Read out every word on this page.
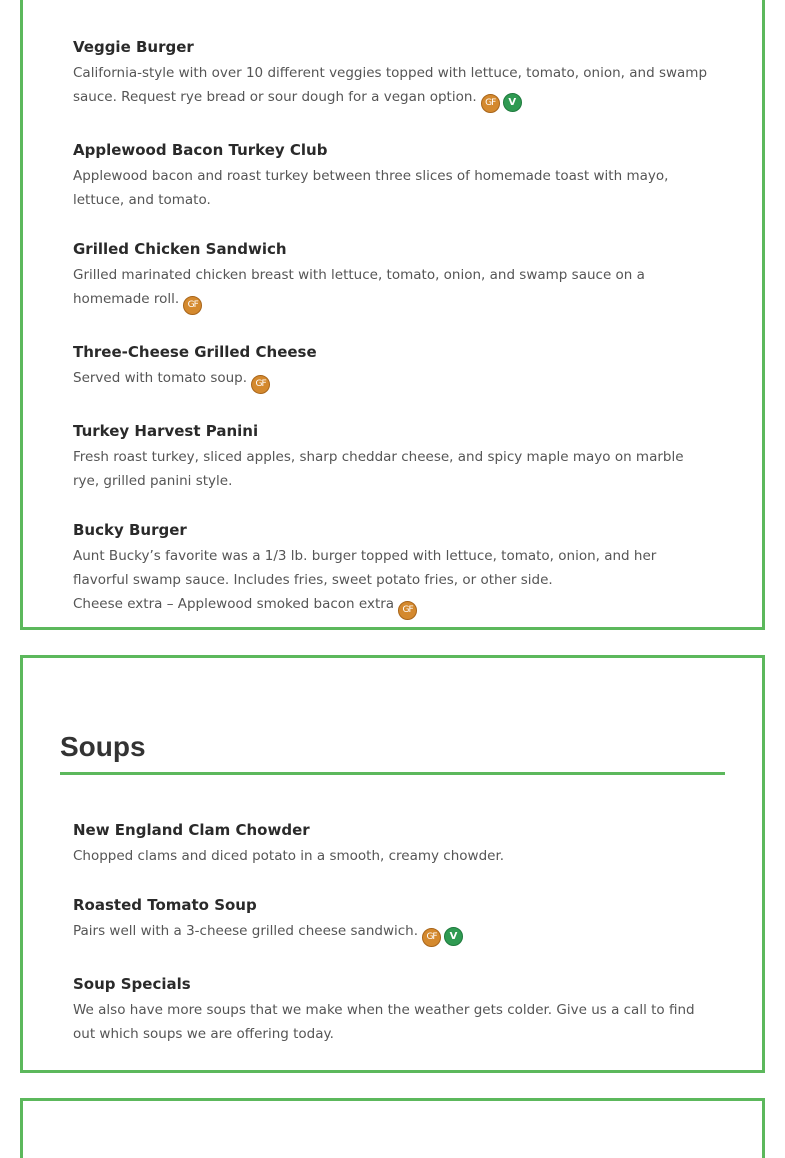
Veggie Burger

California-style with over 10 different veggies topped with lettuce, tomato, onion, and swamp sauce. Request rye bread or sour dough for a vegan option. GF V

Applewood Bacon Turkey Club

Applewood bacon and roast turkey between three slices of homemade toast with mayo, lettuce, and tomato.

Grilled Chicken Sandwich

Grilled marinated chicken breast with lettuce, tomato, onion, and swamp sauce on a homemade roll. GF

Three-Cheese Grilled Cheese

Served with tomato soup. GF

Turkey Harvest Panini

Fresh roast turkey, sliced apples, sharp cheddar cheese, and spicy maple mayo on marble rye, grilled panini style.

Bucky Burger

Aunt Bucky’s favorite was a 1/3 lb. burger topped with lettuce, tomato, onion, and her flavorful swamp sauce. Includes fries, sweet potato fries, or other side.

Cheese extra – Applewood smoked bacon extra GF

Soups

New England Clam Chowder

Chopped clams and diced potato in a smooth, creamy chowder.

Roasted Tomato Soup

Pairs well with a 3-cheese grilled cheese sandwich. GF V

Soup Specials

We also have more soups that we make when the weather gets colder. Give us a call to find out which soups we are offering today.
